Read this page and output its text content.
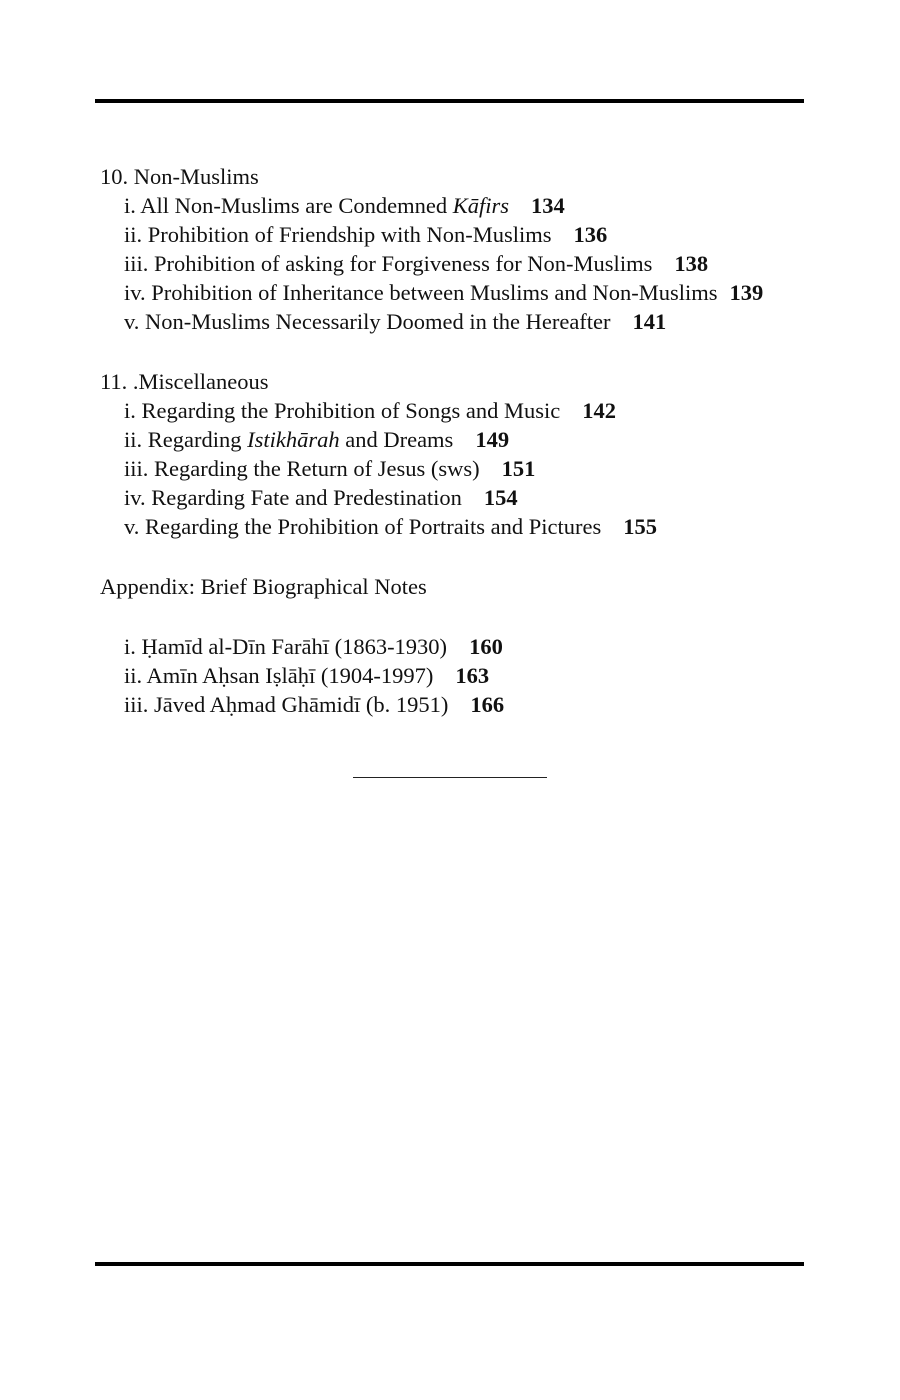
10. Non-Muslims
i. All Non-Muslims are Condemned Kāfirs 134
ii. Prohibition of Friendship with Non-Muslims 136
iii. Prohibition of asking for Forgiveness for Non-Muslims 138
iv. Prohibition of Inheritance between Muslims and Non-Muslims 139
v. Non-Muslims Necessarily Doomed in the Hereafter 141
11. .Miscellaneous
i. Regarding the Prohibition of Songs and Music 142
ii. Regarding Istikhārah and Dreams 149
iii. Regarding the Return of Jesus (sws) 151
iv. Regarding Fate and Predestination 154
v. Regarding the Prohibition of Portraits and Pictures 155
Appendix: Brief Biographical Notes
i. Ḥamīd al-Dīn Farāhī (1863-1930) 160
ii. Amīn Aḥsan Iṣlāḥī (1904-1997) 163
iii. Jāved Aḥmad Ghāmidī (b. 1951) 166
